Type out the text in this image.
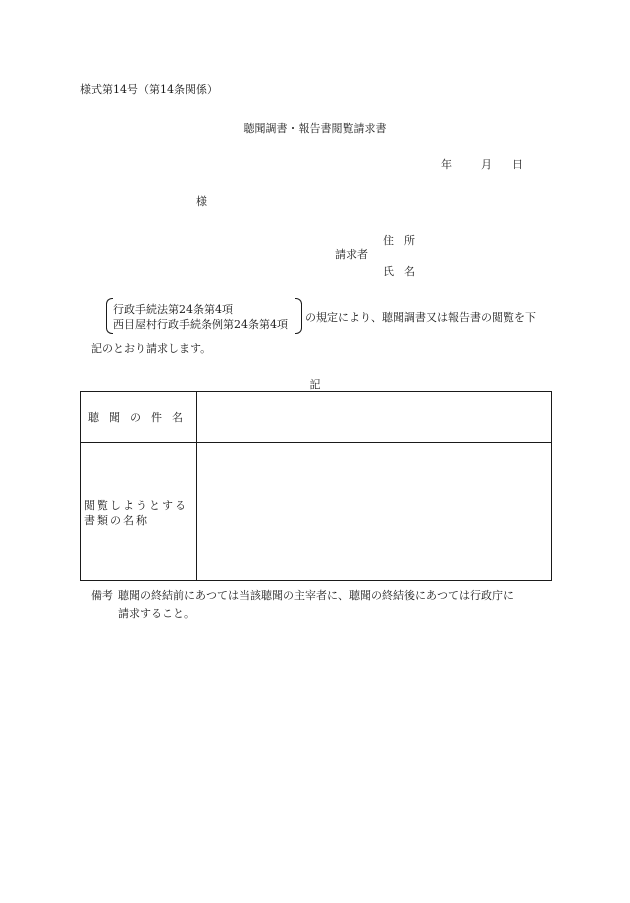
様式第14号（第14条関係）
聴聞調書・報告書閲覧請求書
年	月 日
様
請求者
住所
氏名
行政手続法第24条第4項
西目屋村行政手続条例第24条第4項
の規定により、聴聞調書又は報告書の閲覧を下
記のとおり請求します。
記
聴聞の件名
閲覧しようとする書類の名称
備考 聴聞の終結前にあつては当該聴聞の主宰者に、聴聞の終結後にあつては行政庁に
請求すること。
